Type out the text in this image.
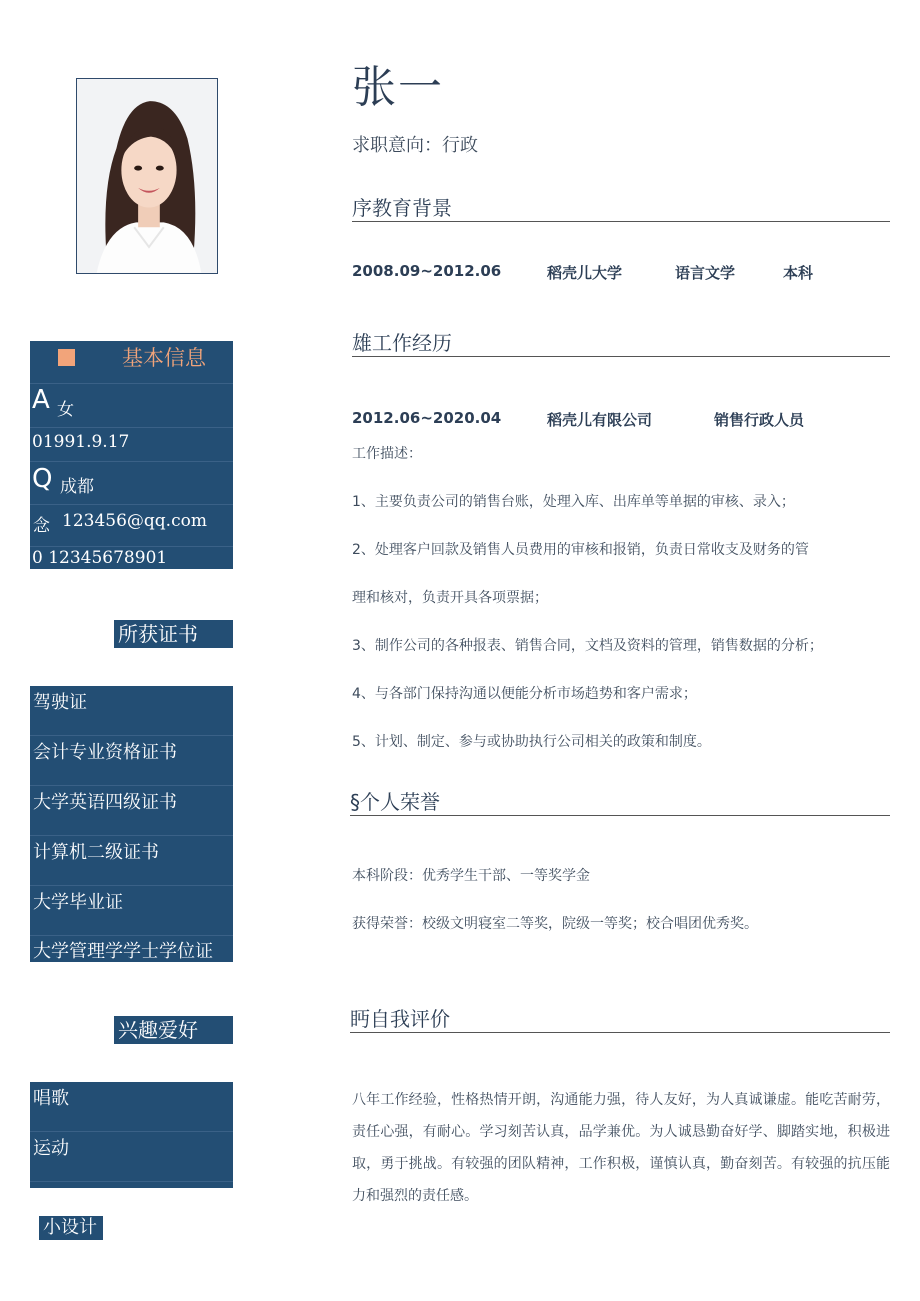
基本信息
A 女
01991.9.17
Q 成都
念 123456@qq.com
0 12345678901
所获证书
驾驶证
会计专业资格证书
大学英语四级证书
计算机二级证书
大学毕业证
大学管理学学士学位证
兴趣爱好
唱歌
运动
摄影
小设计
张一
求职意向：行政
序教育背景
2008.09~2012.06	稻壳儿大学	语言文学	本科
雄工作经历
2012.06~2020.04	稻壳儿有限公司	销售行政人员
工作描述：
1、主要负责公司的销售台账，处理入库、出库单等单据的审核、录入；
2、处理客户回款及销售人员费用的审核和报销，负责日常收支及财务的管
理和核对，负责开具各项票据；
3、制作公司的各种报表、销售合同，文档及资料的管理，销售数据的分析；
4、与各部门保持沟通以便能分析市场趋势和客户需求；
5、计划、制定、参与或协助执行公司相关的政策和制度。
§个人荣誉
本科阶段：优秀学生干部、一等奖学金
获得荣誉：校级文明寝室二等奖，院级一等奖；校合唱团优秀奖。
眄自我评价
八年工作经验，性格热情开朗，沟通能力强，待人友好，为人真诚谦虚。能吃苦耐劳，责任心强，有耐心。学习刻苦认真，品学兼优。为人诚恳勤奋好学、脚踏实地，积极进取，勇于挑战。有较强的团队精神，工作积极，谨慎认真，勤奋刻苦。有较强的抗压能力和强烈的责任感。
